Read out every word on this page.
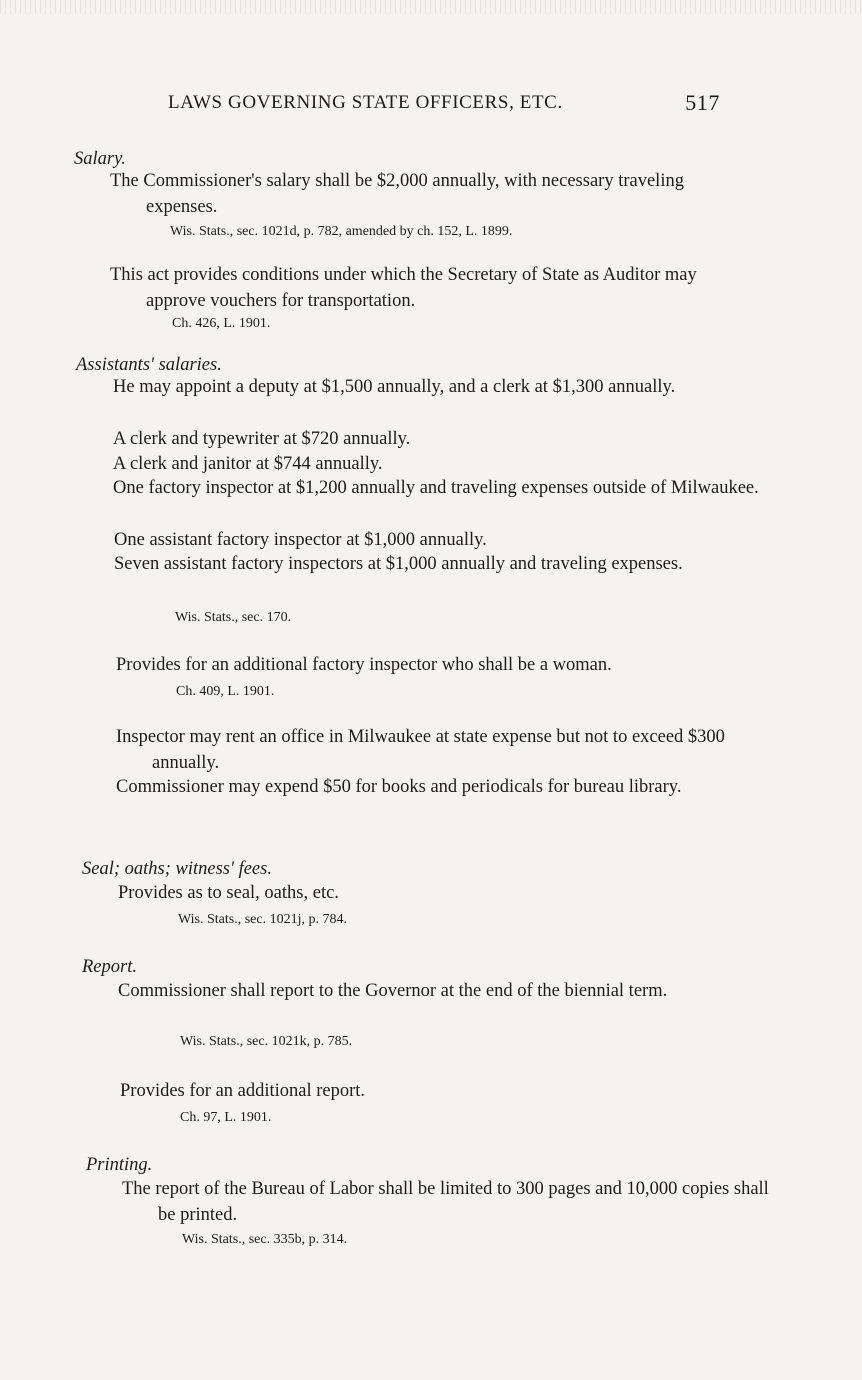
LAWS GOVERNING STATE OFFICERS, ETC.	517
Salary.
The Commissioner's salary shall be $2,000 annually, with necessary traveling expenses.
Wis. Stats., sec. 1021d, p. 782, amended by ch. 152, L. 1899.
This act provides conditions under which the Secretary of State as Auditor may approve vouchers for transportation.
Ch. 426, L. 1901.
Assistants' salaries.
He may appoint a deputy at $1,500 annually, and a clerk at $1,300 annually.
A clerk and typewriter at $720 annually.
A clerk and janitor at $744 annually.
One factory inspector at $1,200 annually and traveling expenses outside of Milwaukee.
One assistant factory inspector at $1,000 annually.
Seven assistant factory inspectors at $1,000 annually and traveling expenses.
Wis. Stats., sec. 170.
Provides for an additional factory inspector who shall be a woman.
Ch. 409, L. 1901.
Inspector may rent an office in Milwaukee at state expense but not to exceed $300 annually.
Commissioner may expend $50 for books and periodicals for bureau library.
Seal; oaths; witness' fees.
Provides as to seal, oaths, etc.
Wis. Stats., sec. 1021j, p. 784.
Report.
Commissioner shall report to the Governor at the end of the biennial term.
Wis. Stats., sec. 1021k, p. 785.
Provides for an additional report.
Ch. 97, L. 1901.
Printing.
The report of the Bureau of Labor shall be limited to 300 pages and 10,000 copies shall be printed.
Wis. Stats., sec. 335b, p. 314.
